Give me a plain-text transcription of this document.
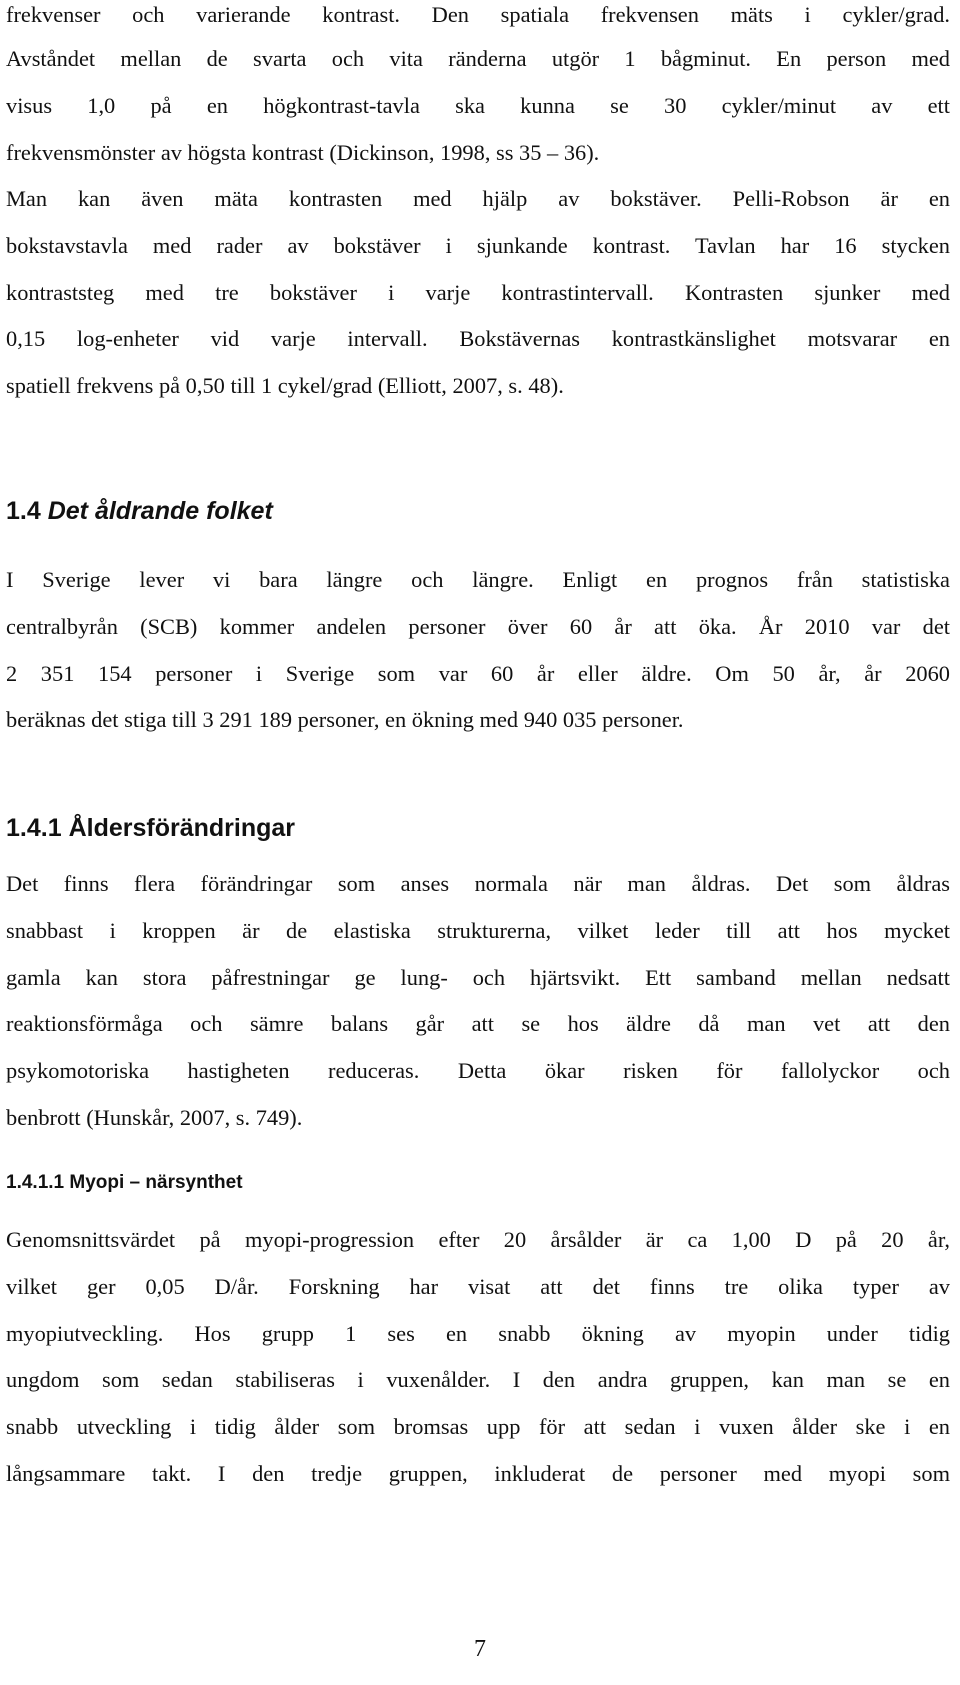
frekvenser och varierande kontrast. Den spatiala frekvensen mäts i cykler/grad.
Avståndet mellan de svarta och vita ränderna utgör 1 bågminut. En person med
visus 1,0 på en högkontrast-tavla ska kunna se 30 cykler/minut av ett
frekvensmönster av högsta kontrast (Dickinson, 1998, ss 35 – 36).
Man kan även mäta kontrasten med hjälp av bokstäver. Pelli-Robson är en
bokstavstavla med rader av bokstäver i sjunkande kontrast. Tavlan har 16 stycken
kontraststeg med tre bokstäver i varje kontrastintervall. Kontrasten sjunker med
0,15 log-enheter vid varje intervall. Bokstävernas kontrastkänslighet motsvarar en
spatiell frekvens på 0,50 till 1 cykel/grad (Elliott, 2007, s. 48).
1.4 Det åldrande folket
I Sverige lever vi bara längre och längre. Enligt en prognos från statistiska
centralbyrån (SCB) kommer andelen personer över 60 år att öka. År 2010 var det
2 351 154 personer i Sverige som var 60 år eller äldre. Om 50 år, år 2060
beräknas det stiga till 3 291 189 personer, en ökning med 940 035 personer.
1.4.1 Åldersförändringar
Det finns flera förändringar som anses normala när man åldras. Det som åldras
snabbast i kroppen är de elastiska strukturerna, vilket leder till att hos mycket
gamla kan stora påfrestningar ge lung- och hjärtsvikt. Ett samband mellan nedsatt
reaktionsförmåga och sämre balans går att se hos äldre då man vet att den
psykomotoriska hastigheten reduceras. Detta ökar risken för fallolyckor och
benbrott (Hunskår, 2007, s. 749).
1.4.1.1 Myopi – närsynthet
Genomsnittsvärdet på myopi-progression efter 20 årsålder är ca 1,00 D på 20 år,
vilket ger 0,05 D/år. Forskning har visat att det finns tre olika typer av
myopiutveckling. Hos grupp 1 ses en snabb ökning av myopin under tidig
ungdom som sedan stabiliseras i vuxenålder. I den andra gruppen, kan man se en
snabb utveckling i tidig ålder som bromsas upp för att sedan i vuxen ålder ske i en
långsammare takt. I den tredje gruppen, inkluderat de personer med myopi som
7
